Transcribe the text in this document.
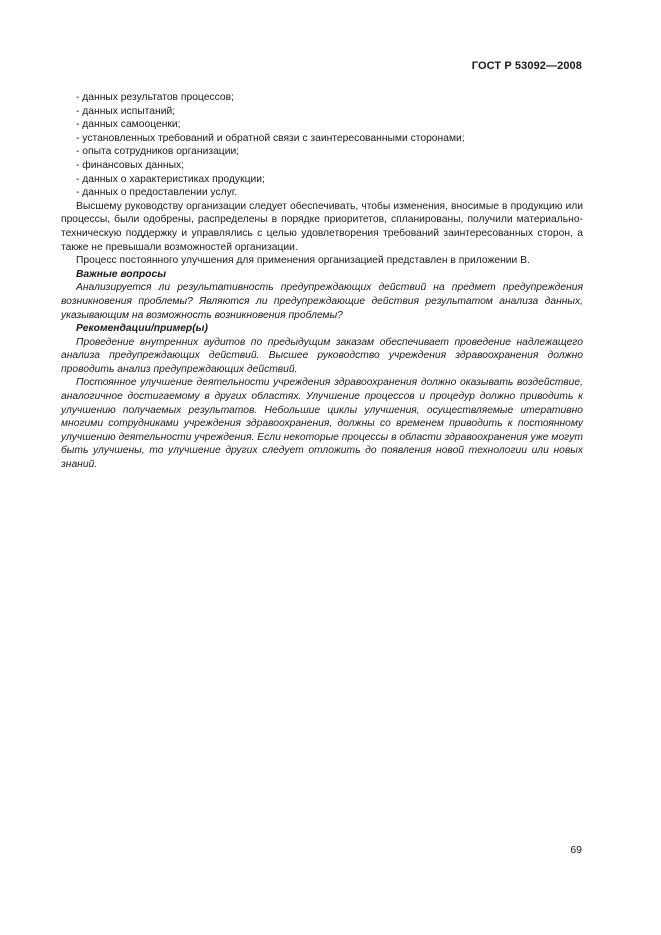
ГОСТ Р 53092—2008
- данных результатов процессов;
- данных испытаний;
- данных самооценки;
- установленных требований и обратной связи с заинтересованными сторонами;
- опыта сотрудников организации;
- финансовых данных;
- данных о характеристиках продукции;
- данных о предоставлении услуг.

Высшему руководству организации следует обеспечивать, чтобы изменения, вносимые в продукцию или процессы, были одобрены, распределены в порядке приоритетов, спланированы, получили материально-техническую поддержку и управлялись с целью удовлетворения требований заинтересованных сторон, а также не превышали возможностей организации.

Процесс постоянного улучшения для применения организацией представлен в приложении В.

Важные вопросы

Анализируется ли результативность предупреждающих действий на предмет предупреждения возникновения проблемы? Являются ли предупреждающие действия результатом анализа данных, указывающим на возможность возникновения проблемы?

Рекомендации/пример(ы)

Проведение внутренних аудитов по предыдущим заказам обеспечивает проведение надлежащего анализа предупреждающих действий. Высшее руководство учреждения здравоохранения должно проводить анализ предупреждающих действий.

Постоянное улучшение деятельности учреждения здравоохранения должно оказывать воздействие, аналогичное достигаемому в других областях. Улучшение процессов и процедур должно приводить к улучшению получаемых результатов. Небольшие циклы улучшения, осуществляемые итеративно многими сотрудниками учреждения здравоохранения, должны со временем приводить к постоянному улучшению деятельности учреждения. Если некоторые процессы в области здравоохранения уже могут быть улучшены, то улучшение других следует отложить до появления новой технологии или новых знаний.

69
